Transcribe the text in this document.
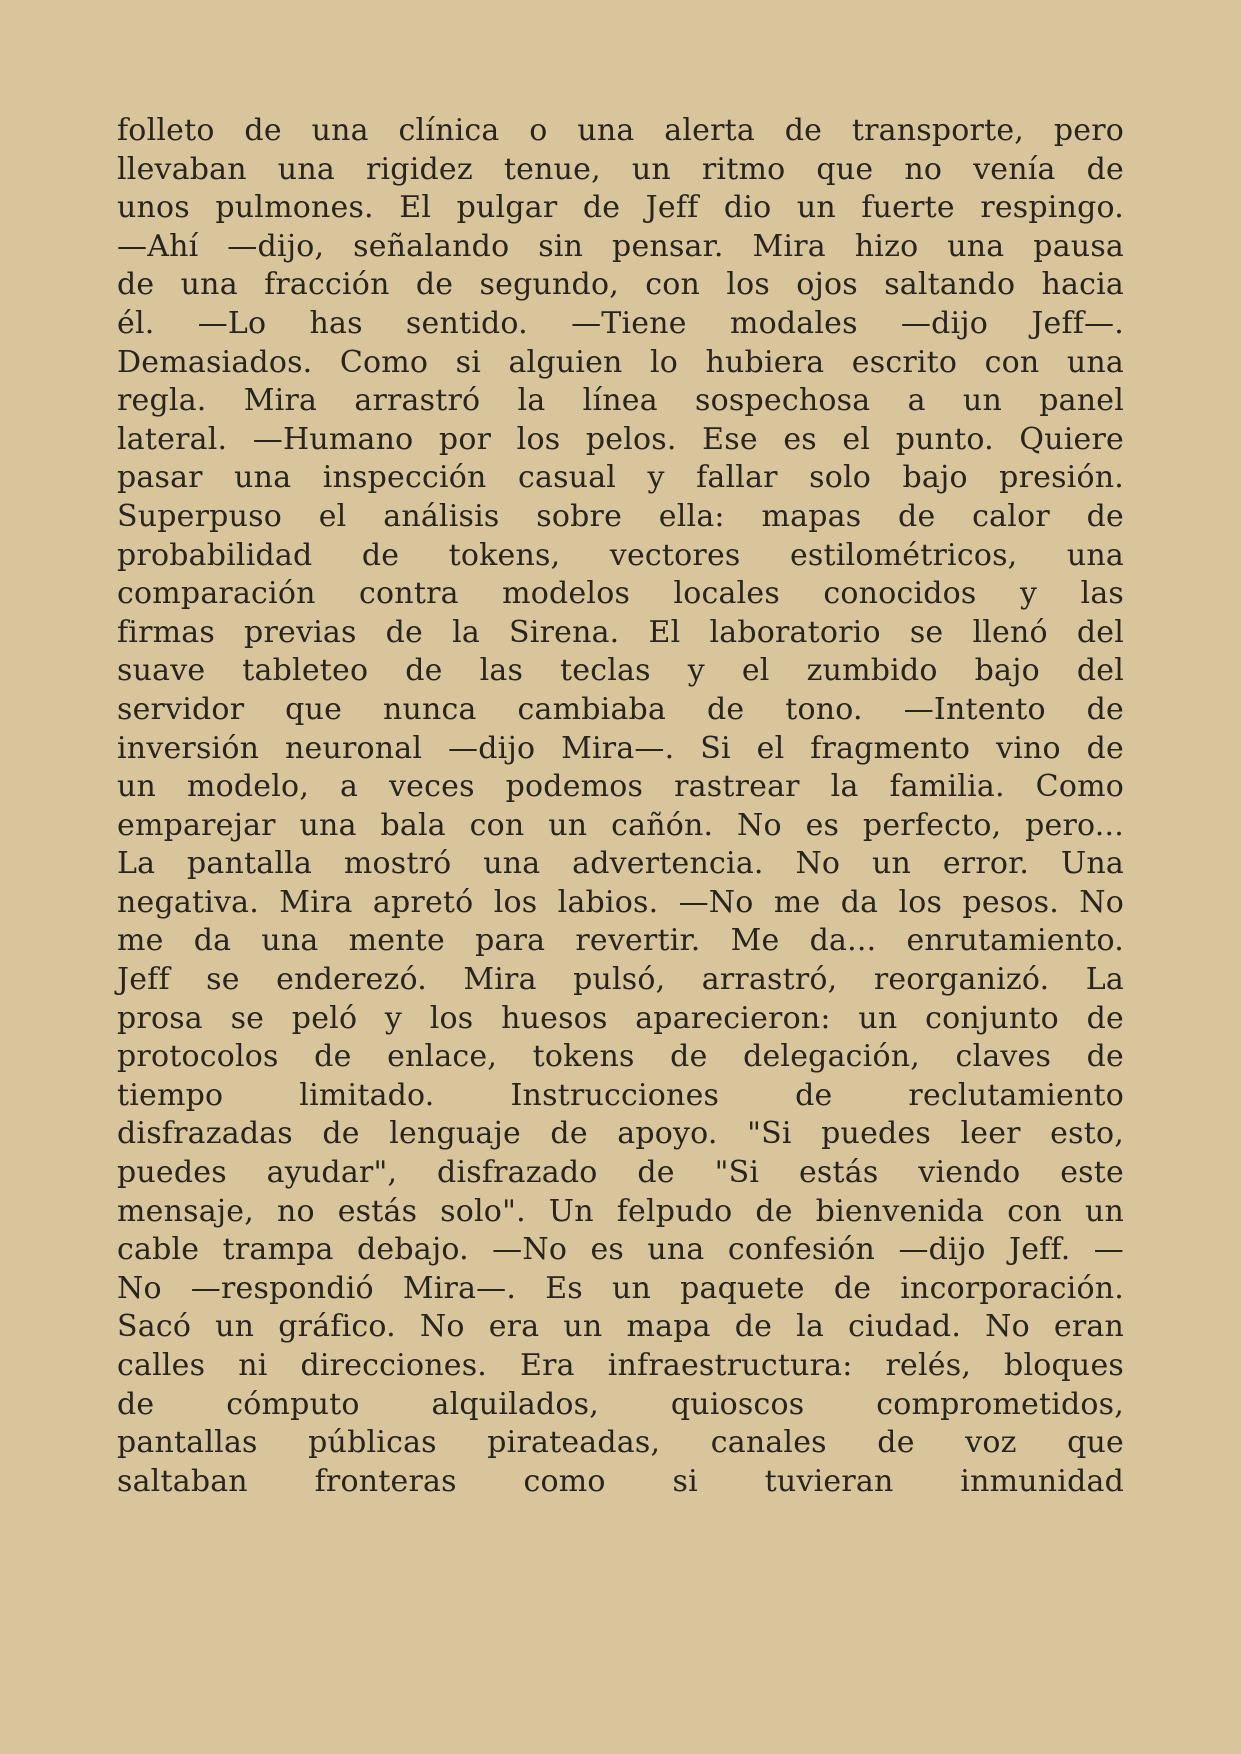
folleto de una clínica o una alerta de transporte, pero
llevaban una rigidez tenue, un ritmo que no venía de
unos pulmones. El pulgar de Jeff dio un fuerte respingo.
—Ahí —dijo, señalando sin pensar. Mira hizo una pausa
de una fracción de segundo, con los ojos saltando hacia
él. —Lo has sentido. —Tiene modales —dijo Jeff—.
Demasiados. Como si alguien lo hubiera escrito con una
regla. Mira arrastró la línea sospechosa a un panel
lateral. —Humano por los pelos. Ese es el punto. Quiere
pasar una inspección casual y fallar solo bajo presión.
Superpuso el análisis sobre ella: mapas de calor de
probabilidad de tokens, vectores estilométricos, una
comparación contra modelos locales conocidos y las
firmas previas de la Sirena. El laboratorio se llenó del
suave tableteo de las teclas y el zumbido bajo del
servidor que nunca cambiaba de tono. —Intento de
inversión neuronal —dijo Mira—. Si el fragmento vino de
un modelo, a veces podemos rastrear la familia. Como
emparejar una bala con un cañón. No es perfecto, pero...
La pantalla mostró una advertencia. No un error. Una
negativa. Mira apretó los labios. —No me da los pesos. No
me da una mente para revertir. Me da... enrutamiento.
Jeff se enderezó. Mira pulsó, arrastró, reorganizó. La
prosa se peló y los huesos aparecieron: un conjunto de
protocolos de enlace, tokens de delegación, claves de
tiempo limitado. Instrucciones de reclutamiento
disfrazadas de lenguaje de apoyo. "Si puedes leer esto,
puedes ayudar", disfrazado de "Si estás viendo este
mensaje, no estás solo". Un felpudo de bienvenida con un
cable trampa debajo. —No es una confesión —dijo Jeff. —
No —respondió Mira—. Es un paquete de incorporación.
Sacó un gráfico. No era un mapa de la ciudad. No eran
calles ni direcciones. Era infraestructura: relés, bloques
de cómputo alquilados, quioscos comprometidos,
pantallas públicas pirateadas, canales de voz que
saltaban fronteras como si tuvieran inmunidad
